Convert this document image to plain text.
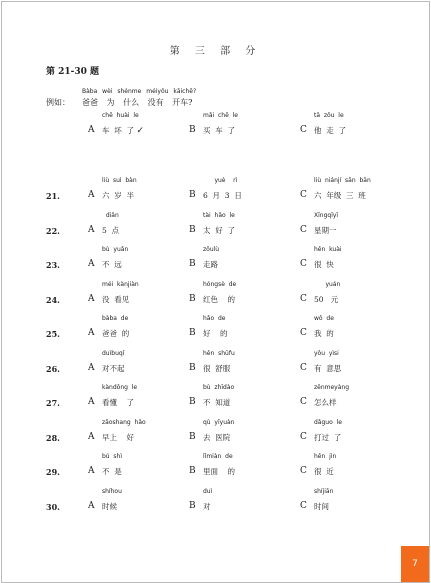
第 三 部 分
第 21-30 题
Bàba wèi shénme méiyǒu kāichē?
例如： 爸爸 为 什么 没有 开车?
A
chē  huài  le
车  坏  了 ✓	B
mǎi  chē  le
买  车  了	C
tā  zǒu  le
他  走  了
21.	A
liù  suì  bàn
六  岁  半	B
yuè    rì
6  月  3  日	C
liù  niánjí  sān  bān
六  年级  三  班
22.	A
diǎn
5  点	B
tài  hǎo  le
太  好  了	C
Xīngqīyī
星期一
23.	A
bù  yuǎn
不  远	B
zǒulù
走路	C
hěn  kuài
很  快
24.	A
méi  kànjiàn
没  看见	B
hóngsè  de
红色    的	C
yuán
50   元
25.	A
bàba  de
爸爸  的	B
hǎo  de
好    的	C
wǒ  de
我  的
26.	A
duìbuqǐ
对不起	B
hěn  shūfu
很  舒服	C
yǒu  yìsi
有  意思
27.	A
kàndǒng  le
看懂    了	B
bù  zhīdào
不  知道	C
zěnmeyàng
怎么样
28.	A
zǎoshang  hǎo
早上    好	B
qù  yīyuàn
去  医院	C
dǎguo  le
打过  了
29.	A
bú  shì
不  是	B
lǐmiàn  de
里面    的	C
hěn  jìn
很  近
30.	A
shíhou
时候	B
duì
对	C
shíjiān
时间
7
